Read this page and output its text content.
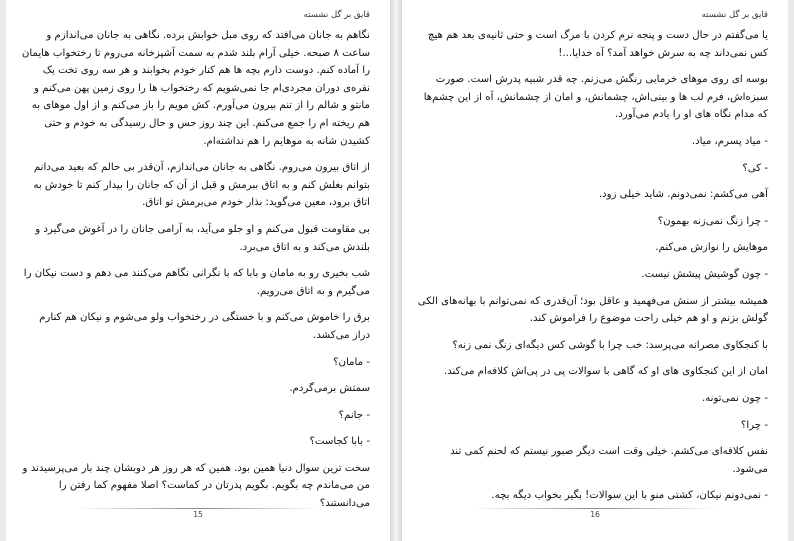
قایق بر گل نشسته

نگاهم به جانان می‌افتد که روی مبل خوابش برده. نگاهی به جانان می‌اندازم و ساعت ۸ صبحه. خیلی آرام بلند شدم به سمت آشپزخانه می‌روم تا رختخواب هایمان را آماده کنم. دوست دارم بچه ها هم کنار خودم بخوابند و هر سه روی تخت یک نفره‌ی دوران مجردی‌ام جا نمی‌شویم که رختخواب ها را روی زمین پهن می‌کنم و مانتو و شالم را از تنم بیرون می‌آورم. کش مویم را باز می‌کنم و از اول موهای به هم ریخته ام را جمع می‌کنم. این چند روز حس و حال رسیدگی به خودم و حتی کشیدن شانه به موهایم را هم نداشته‌ام.

از اتاق بیرون می‌روم. نگاهی به جانان می‌اندازم، آن‌قدر بی حالم که بعید می‌دانم بتوانم بغلش کنم و به اتاق ببرمش و قبل از آن که جانان را بیدار کنم تا خودش به اتاق برود، معین می‌گوید: بذار خودم می‌برمش تو اتاق.

بی مقاومت قبول می‌کنم و او جلو می‌آید، به آرامی جانان را در آغوش می‌گیرد و بلندش می‌کند و به اتاق می‌برد.

شب بخیری رو به مامان و بابا که با نگرانی نگاهم می‌کنند می دهم و دست نیکان را می‌گیرم و به اتاق می‌رویم.

برق را خاموش می‌کنم و با خستگی در رختخواب ولو می‌شوم و نیکان هم کنارم دراز می‌کشد.

- مامان؟

سمتش برمی‌گردم.

- جانم؟

- بابا کجاست؟

سخت ترین سوال دنیا همین بود. همین که هر روز هر دوبشان چند بار می‌پرسیدند و من می‌ماندم چه بگویم. بگویم پدرتان در کماست؟ اصلا مفهوم کما رفتن را می‌دانستند؟

15
قایق بر گل نشسته

یا می‌گفتم در حال دست و پنجه نرم کردن با مرگ است و حتی ثانیه‌ی بعد هم هیچ کس نمی‌داند چه به سرش خواهد آمد؟ آه خدایا...!

بوسه ای روی موهای خرمایی رنگش می‌زنم. چه قدر شبیه پدرش است. صورت سبزه‌اش، فرم لب ها و بینی‌اش، چشمانش، و امان از چشمانش، آه از این چشم‌ها که مدام نگاه های او را یادم می‌آورد.

- میاد پسرم، میاد.

- کی؟

آهی می‌کشم: نمی‌دونم. شاید خیلی زود.

- چرا زنگ نمی‌زنه بهمون؟

موهایش را نوازش می‌کنم.

- چون گوشیش پیشش نیست.

همیشه بیشتر از سنش می‌فهمید و عاقل بود؛ آن‌قدری که نمی‌توانم با بهانه‌های الکی گولش بزنم و او هم خیلی راحت موضوع را فراموش کند.

با کنجکاوی مصرانه می‌پرسد: خب چرا با گوشی کس دیگه‌ای زنگ نمی زنه؟

امان از این کنجکاوی های او که گاهی با سوالات پی در پی‌اش کلافه‌ام می‌کند.

- چون نمی‌تونه.

- چرا؟

نفس کلافه‌ای می‌کشم. خیلی وقت است دیگر صبور نیستم که لحنم کمی تند می‌شود.

- نمی‌دونم نیکان، کشتی منو با این سوالات! بگیر بخواب دیگه بچه.

16
